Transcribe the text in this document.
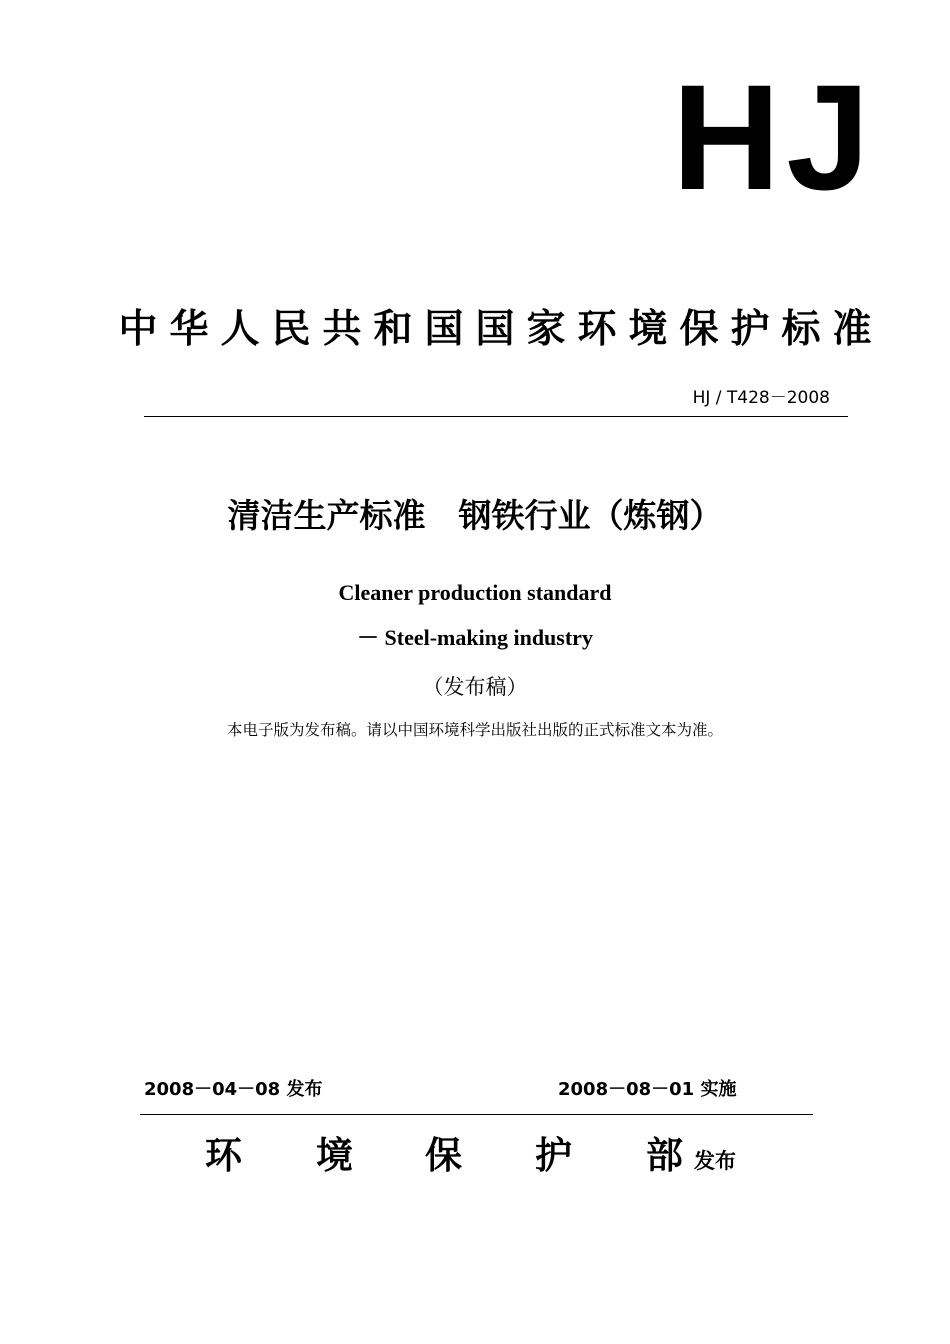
HJ
中华人民共和国国家环境保护标准
HJ / T428－2008
清洁生产标准　钢铁行业（炼钢）
Cleaner production standard
－ Steel-making industry
（发布稿）
本电子版为发布稿。请以中国环境科学出版社出版的正式标准文本为准。
2008－04－08 发布	2008－08－01 实施
环 境 保 护 部 发布
